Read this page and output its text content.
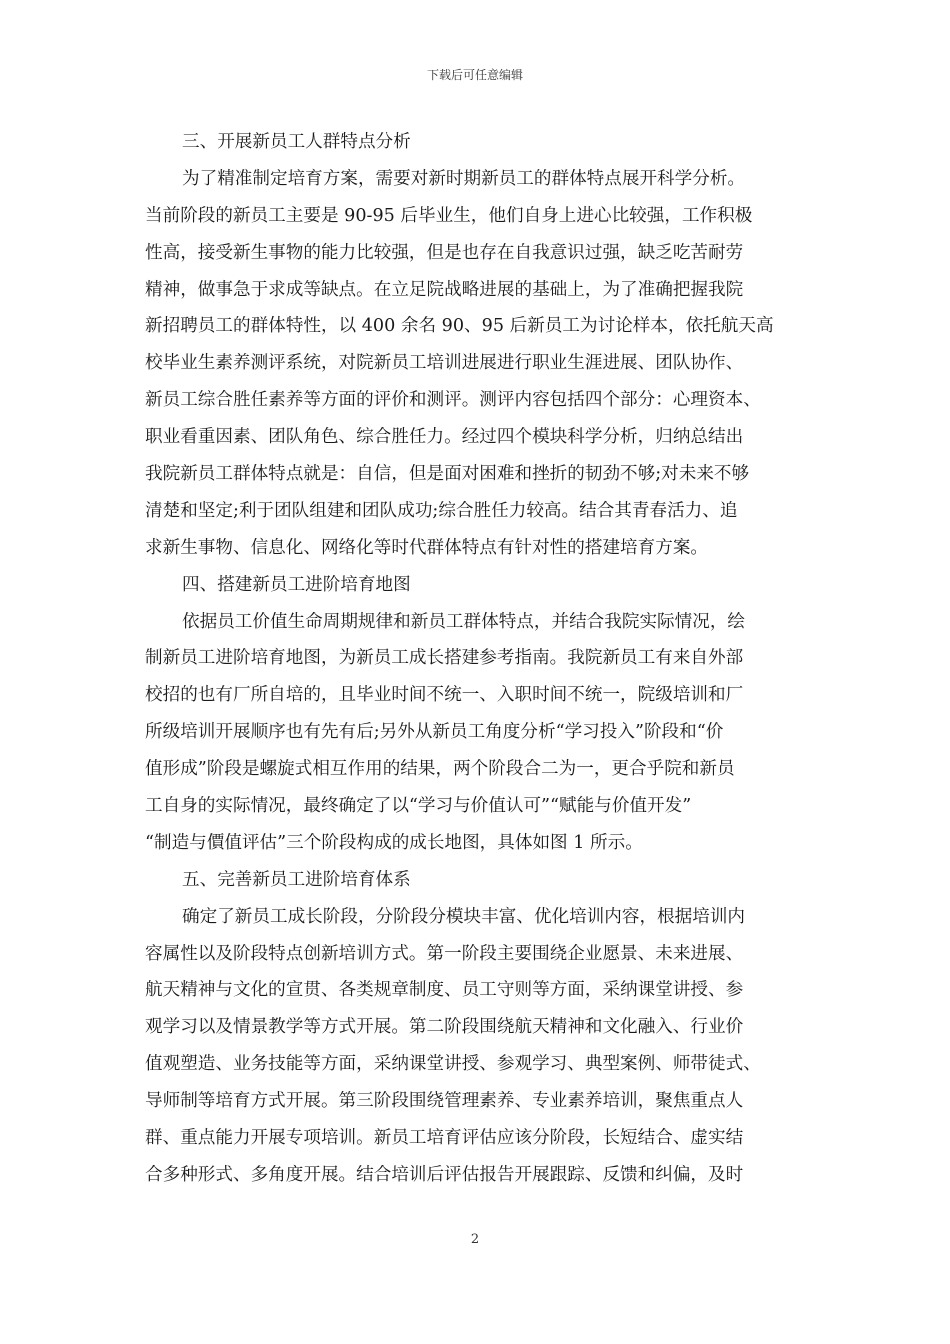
下载后可任意编辑
三、开展新员工人群特点分析
为了精准制定培育方案，需要对新时期新员工的群体特点展开科学分析。
当前阶段的新员工主要是 90-95 后毕业生，他们自身上进心比较强，工作积极
性高，接受新生事物的能力比较强，但是也存在自我意识过强，缺乏吃苦耐劳
精神，做事急于求成等缺点。在立足院战略进展的基础上，为了准确把握我院
新招聘员工的群体特性，以 400 余名 90、95 后新员工为讨论样本，依托航天高
校毕业生素养测评系统，对院新员工培训进展进行职业生涯进展、团队协作、
新员工综合胜任素养等方面的评价和测评。测评内容包括四个部分：心理资本、
职业看重因素、团队角色、综合胜任力。经过四个模块科学分析，归纳总结出
我院新员工群体特点就是：自信，但是面对困难和挫折的韧劲不够;对未来不够
清楚和坚定;利于团队组建和团队成功;综合胜任力较高。结合其青春活力、追
求新生事物、信息化、网络化等时代群体特点有针对性的搭建培育方案。
四、搭建新员工进阶培育地图
依据员工价值生命周期规律和新员工群体特点，并结合我院实际情况，绘
制新员工进阶培育地图，为新员工成长搭建参考指南。我院新员工有来自外部
校招的也有厂所自培的，且毕业时间不统一、入职时间不统一，院级培训和厂
所级培训开展顺序也有先有后;另外从新员工角度分析“学习投入”阶段和“价
值形成”阶段是螺旋式相互作用的结果，两个阶段合二为一，更合乎院和新员
工自身的实际情况，最终确定了以“学习与价值认可”“赋能与价值开发”
“制造与價值评估”三个阶段构成的成长地图，具体如图 1 所示。
五、完善新员工进阶培育体系
确定了新员工成长阶段，分阶段分模块丰富、优化培训内容，根据培训内
容属性以及阶段特点创新培训方式。第一阶段主要围绕企业愿景、未来进展、
航天精神与文化的宣贯、各类规章制度、员工守则等方面，采纳课堂讲授、参
观学习以及情景教学等方式开展。第二阶段围绕航天精神和文化融入、行业价
值观塑造、业务技能等方面，采纳课堂讲授、参观学习、典型案例、师带徒式、
导师制等培育方式开展。第三阶段围绕管理素养、专业素养培训，聚焦重点人
群、重点能力开展专项培训。新员工培育评估应该分阶段，长短结合、虚实结
合多种形式、多角度开展。结合培训后评估报告开展跟踪、反馈和纠偏，及时
2
